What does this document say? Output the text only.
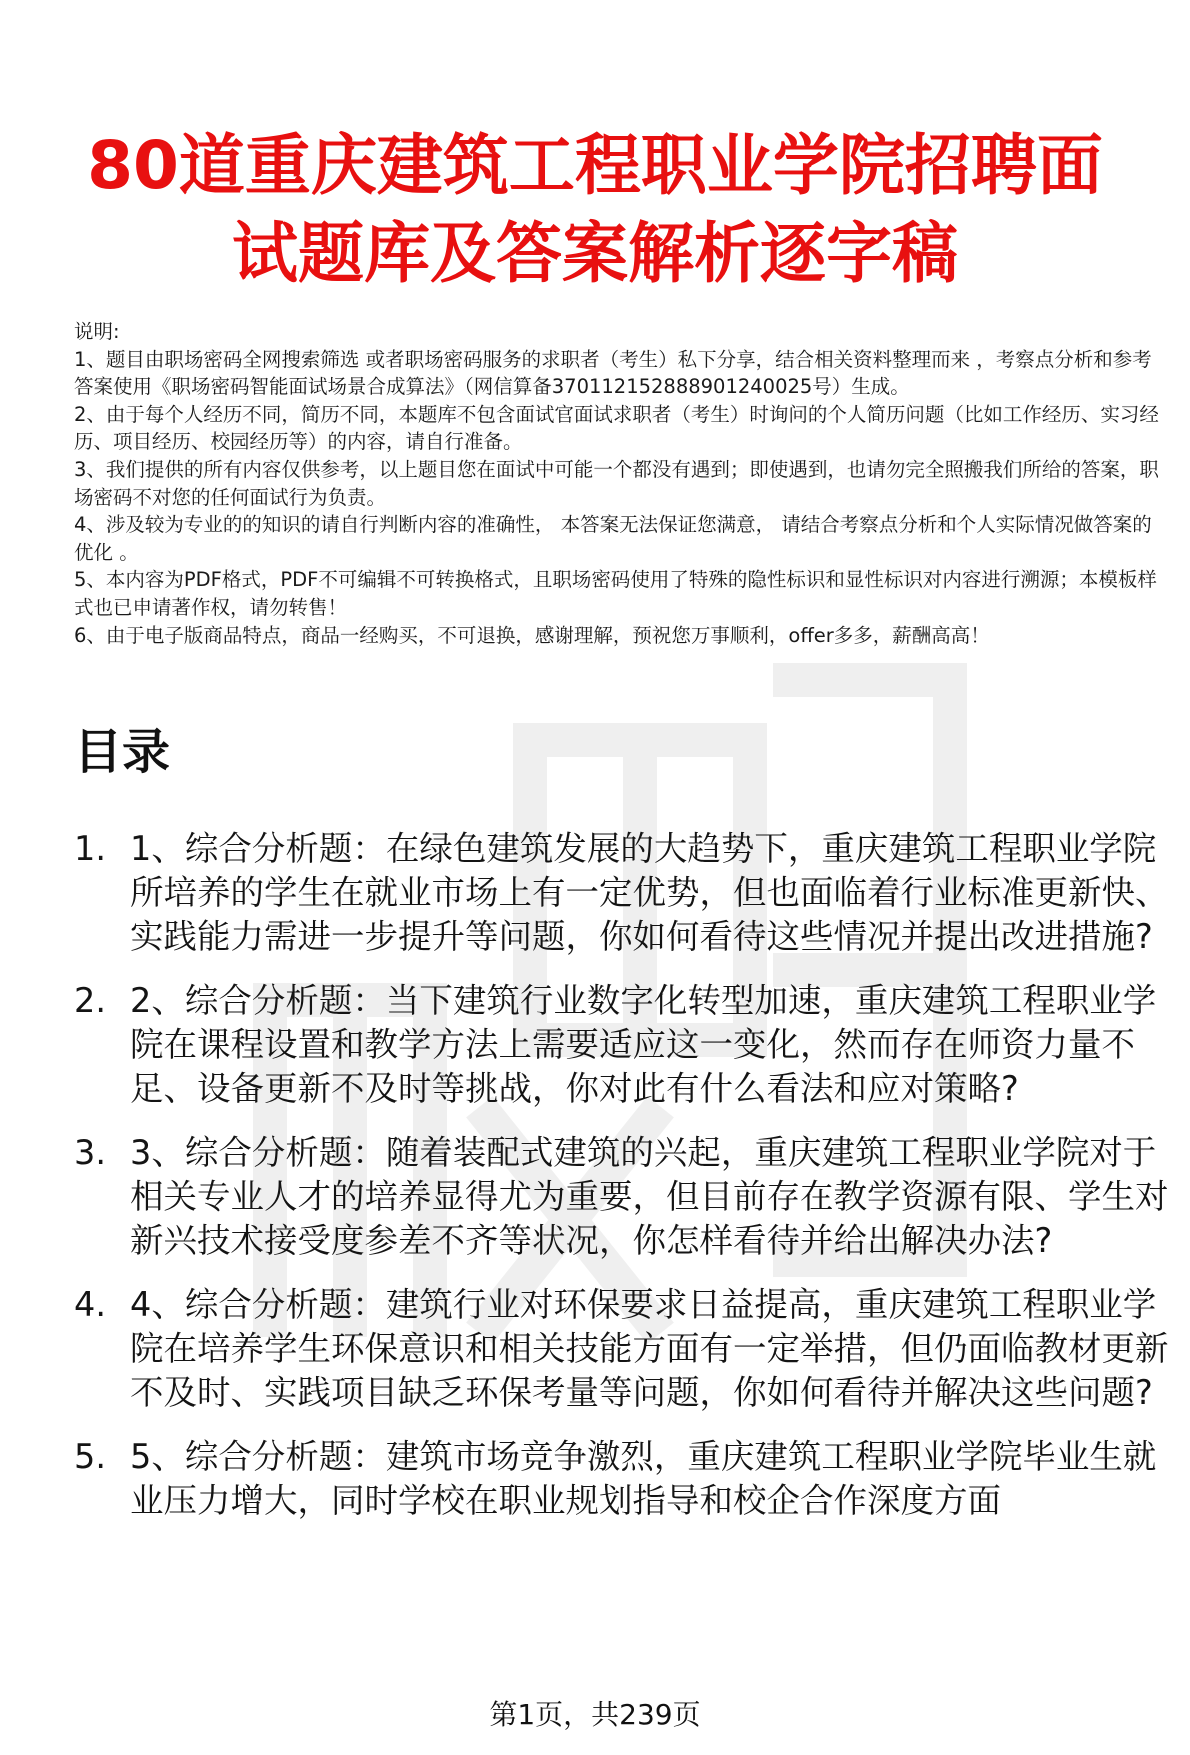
80道重庆建筑工程职业学院招聘面试题库及答案解析逐字稿

说明:

1、题目由职场密码全网搜索筛选 或者职场密码服务的求职者（考生）私下分享，结合相关资料整理而来 ，考察点分析和参考答案使用《职场密码智能面试场景合成算法》（网信算备370112152888901240025号）生成。

2、由于每个人经历不同，简历不同，本题库不包含面试官面试求职者（考生）时询问的个人简历问题（比如工作经历、实习经历、项目经历、校园经历等）的内容，请自行准备。

3、我们提供的所有内容仅供参考，以上题目您在面试中可能一个都没有遇到；即使遇到，也请勿完全照搬我们所给的答案，职场密码不对您的任何面试行为负责。

4、涉及较为专业的的知识的请自行判断内容的准确性， 本答案无法保证您满意， 请结合考察点分析和个人实际情况做答案的优化 。

5、本内容为PDF格式，PDF不可编辑不可转换格式，且职场密码使用了特殊的隐性标识和显性标识对内容进行溯源；本模板样式也已申请著作权，请勿转售！

6、由于电子版商品特点，商品一经购买，不可退换，感谢理解，预祝您万事顺利，offer多多，薪酬高高！

目录
1. 1、综合分析题：在绿色建筑发展的大趋势下，重庆建筑工程职业学院所培养的学生在就业市场上有一定优势，但也面临着行业标准更新快、实践能力需进一步提升等问题，你如何看待这些情况并提出改进措施?
2. 2、综合分析题：当下建筑行业数字化转型加速，重庆建筑工程职业学院在课程设置和教学方法上需要适应这一变化，然而存在师资力量不足、设备更新不及时等挑战，你对此有什么看法和应对策略?
3. 3、综合分析题：随着装配式建筑的兴起，重庆建筑工程职业学院对于相关专业人才的培养显得尤为重要，但目前存在教学资源有限、学生对新兴技术接受度参差不齐等状况，你怎样看待并给出解决办法?
4. 4、综合分析题：建筑行业对环保要求日益提高，重庆建筑工程职业学院在培养学生环保意识和相关技能方面有一定举措，但仍面临教材更新不及时、实践项目缺乏环保考量等问题，你如何看待并解决这些问题?
5. 5、综合分析题：建筑市场竞争激烈，重庆建筑工程职业学院毕业生就业压力增大，同时学校在职业规划指导和校企合作深度方面
第1页，共239页
